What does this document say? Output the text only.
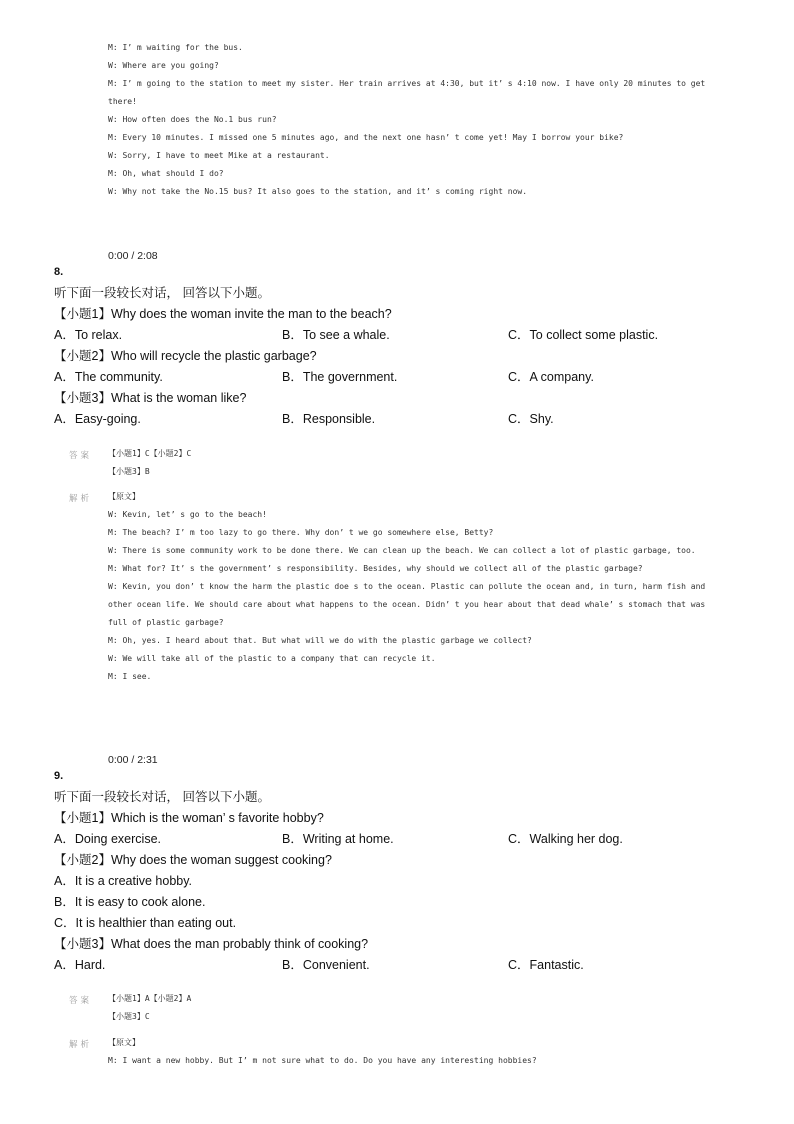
M: I’ m waiting for the bus.
W: Where are you going?
M: I’ m going to the station to meet my sister. Her train arrives at 4:30, but it’ s 4:10 now. I have only 20 minutes to get there!
W: How often does the No.1 bus run?
M: Every 10 minutes. I missed one 5 minutes ago, and the next one hasn’ t come yet! May I borrow your bike?
W: Sorry, I have to meet Mike at a restaurant.
M: Oh, what should I do?
W: Why not take the No.15 bus? It also goes to the station, and it’ s coming right now.
0:00 / 2:08
8.
听下面一段较长对话， 回答以下小题。
【小题1】Why does the woman invite the man to the beach?
A．To relax.	B．To see a whale.	C．To collect some plastic.
【小题2】Who will recycle the plastic garbage?
A．The community.	B．The government.	C．A company.
【小题3】What is the woman like?
A．Easy-going.	B．Responsible.	C．Shy.
答案 【小题1】C【小题2】C
【小题3】B
解析 【原文】
W: Kevin, let’ s go to the beach!
M: The beach? I’ m too lazy to go there. Why don’ t we go somewhere else, Betty?
W: There is some community work to be done there. We can clean up the beach. We can collect a lot of plastic garbage, too.
M: What for? It’ s the government’ s responsibility. Besides, why should we collect all of the plastic garbage?
W: Kevin, you don’ t know the harm the plastic doe s to the ocean. Plastic can pollute the ocean and, in turn, harm fish and other ocean life. We should care about what happens to the ocean. Didn’ t you hear about that dead whale’ s stomach that was full of plastic garbage?
M: Oh, yes. I heard about that. But what will we do with the plastic garbage we collect?
W: We will take all of the plastic to a company that can recycle it.
M: I see.
0:00 / 2:31
9.
听下面一段较长对话， 回答以下小题。
【小题1】Which is the woman’ s favorite hobby?
A．Doing exercise.	B．Writing at home.	C．Walking her dog.
【小题2】Why does the woman suggest cooking?
A．It is a creative hobby.
B．It is easy to cook alone.
C．It is healthier than eating out.
【小题3】What does the man probably think of cooking?
A．Hard.	B．Convenient.	C．Fantastic.
答案 【小题1】A【小题2】A
【小题3】C
解析 【原文】
M: I want a new hobby. But I’ m not sure what to do. Do you have any interesting hobbies?
